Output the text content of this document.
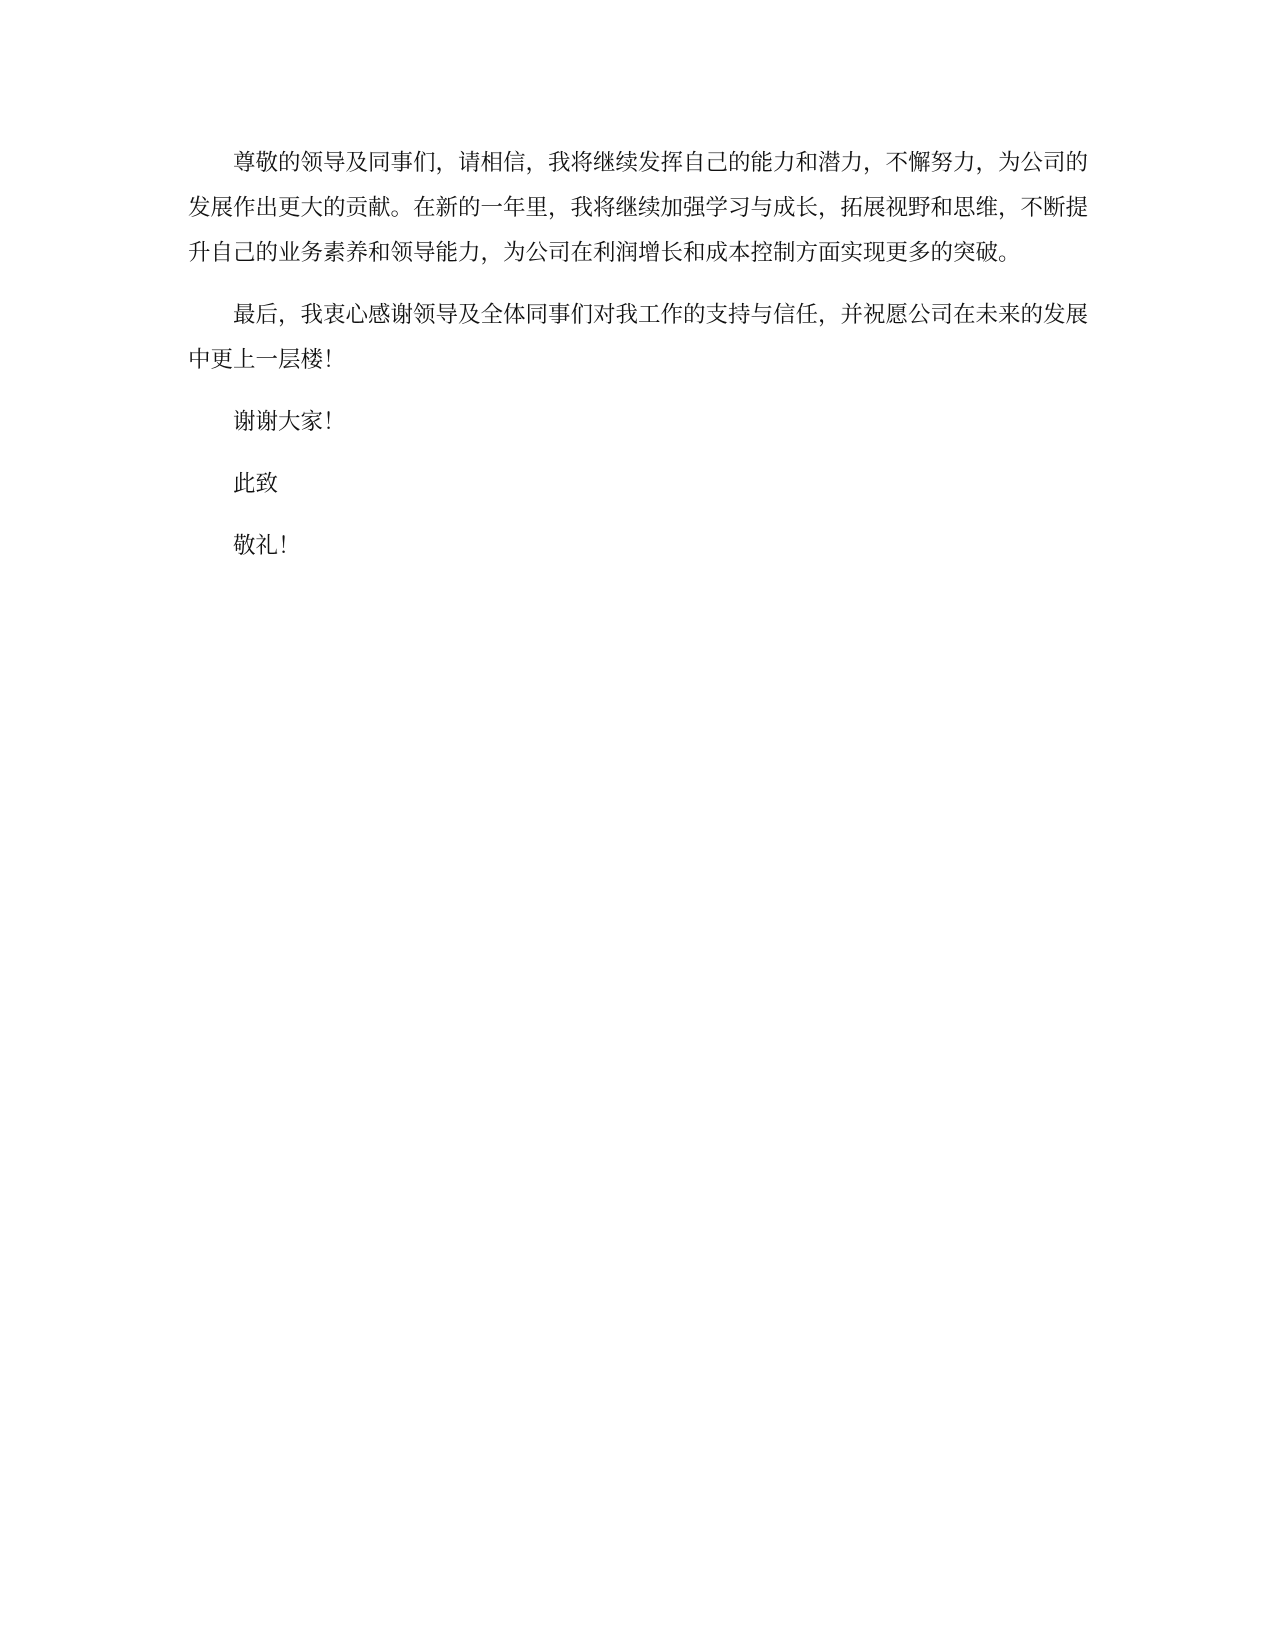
尊敬的领导及同事们，请相信，我将继续发挥自己的能力和潜力，不懈努力，为公司的发展作出更大的贡献。在新的一年里，我将继续加强学习与成长，拓展视野和思维，不断提升自己的业务素养和领导能力，为公司在利润增长和成本控制方面实现更多的突破。

最后，我衷心感谢领导及全体同事们对我工作的支持与信任，并祝愿公司在未来的发展中更上一层楼！

谢谢大家！

此致

敬礼！
